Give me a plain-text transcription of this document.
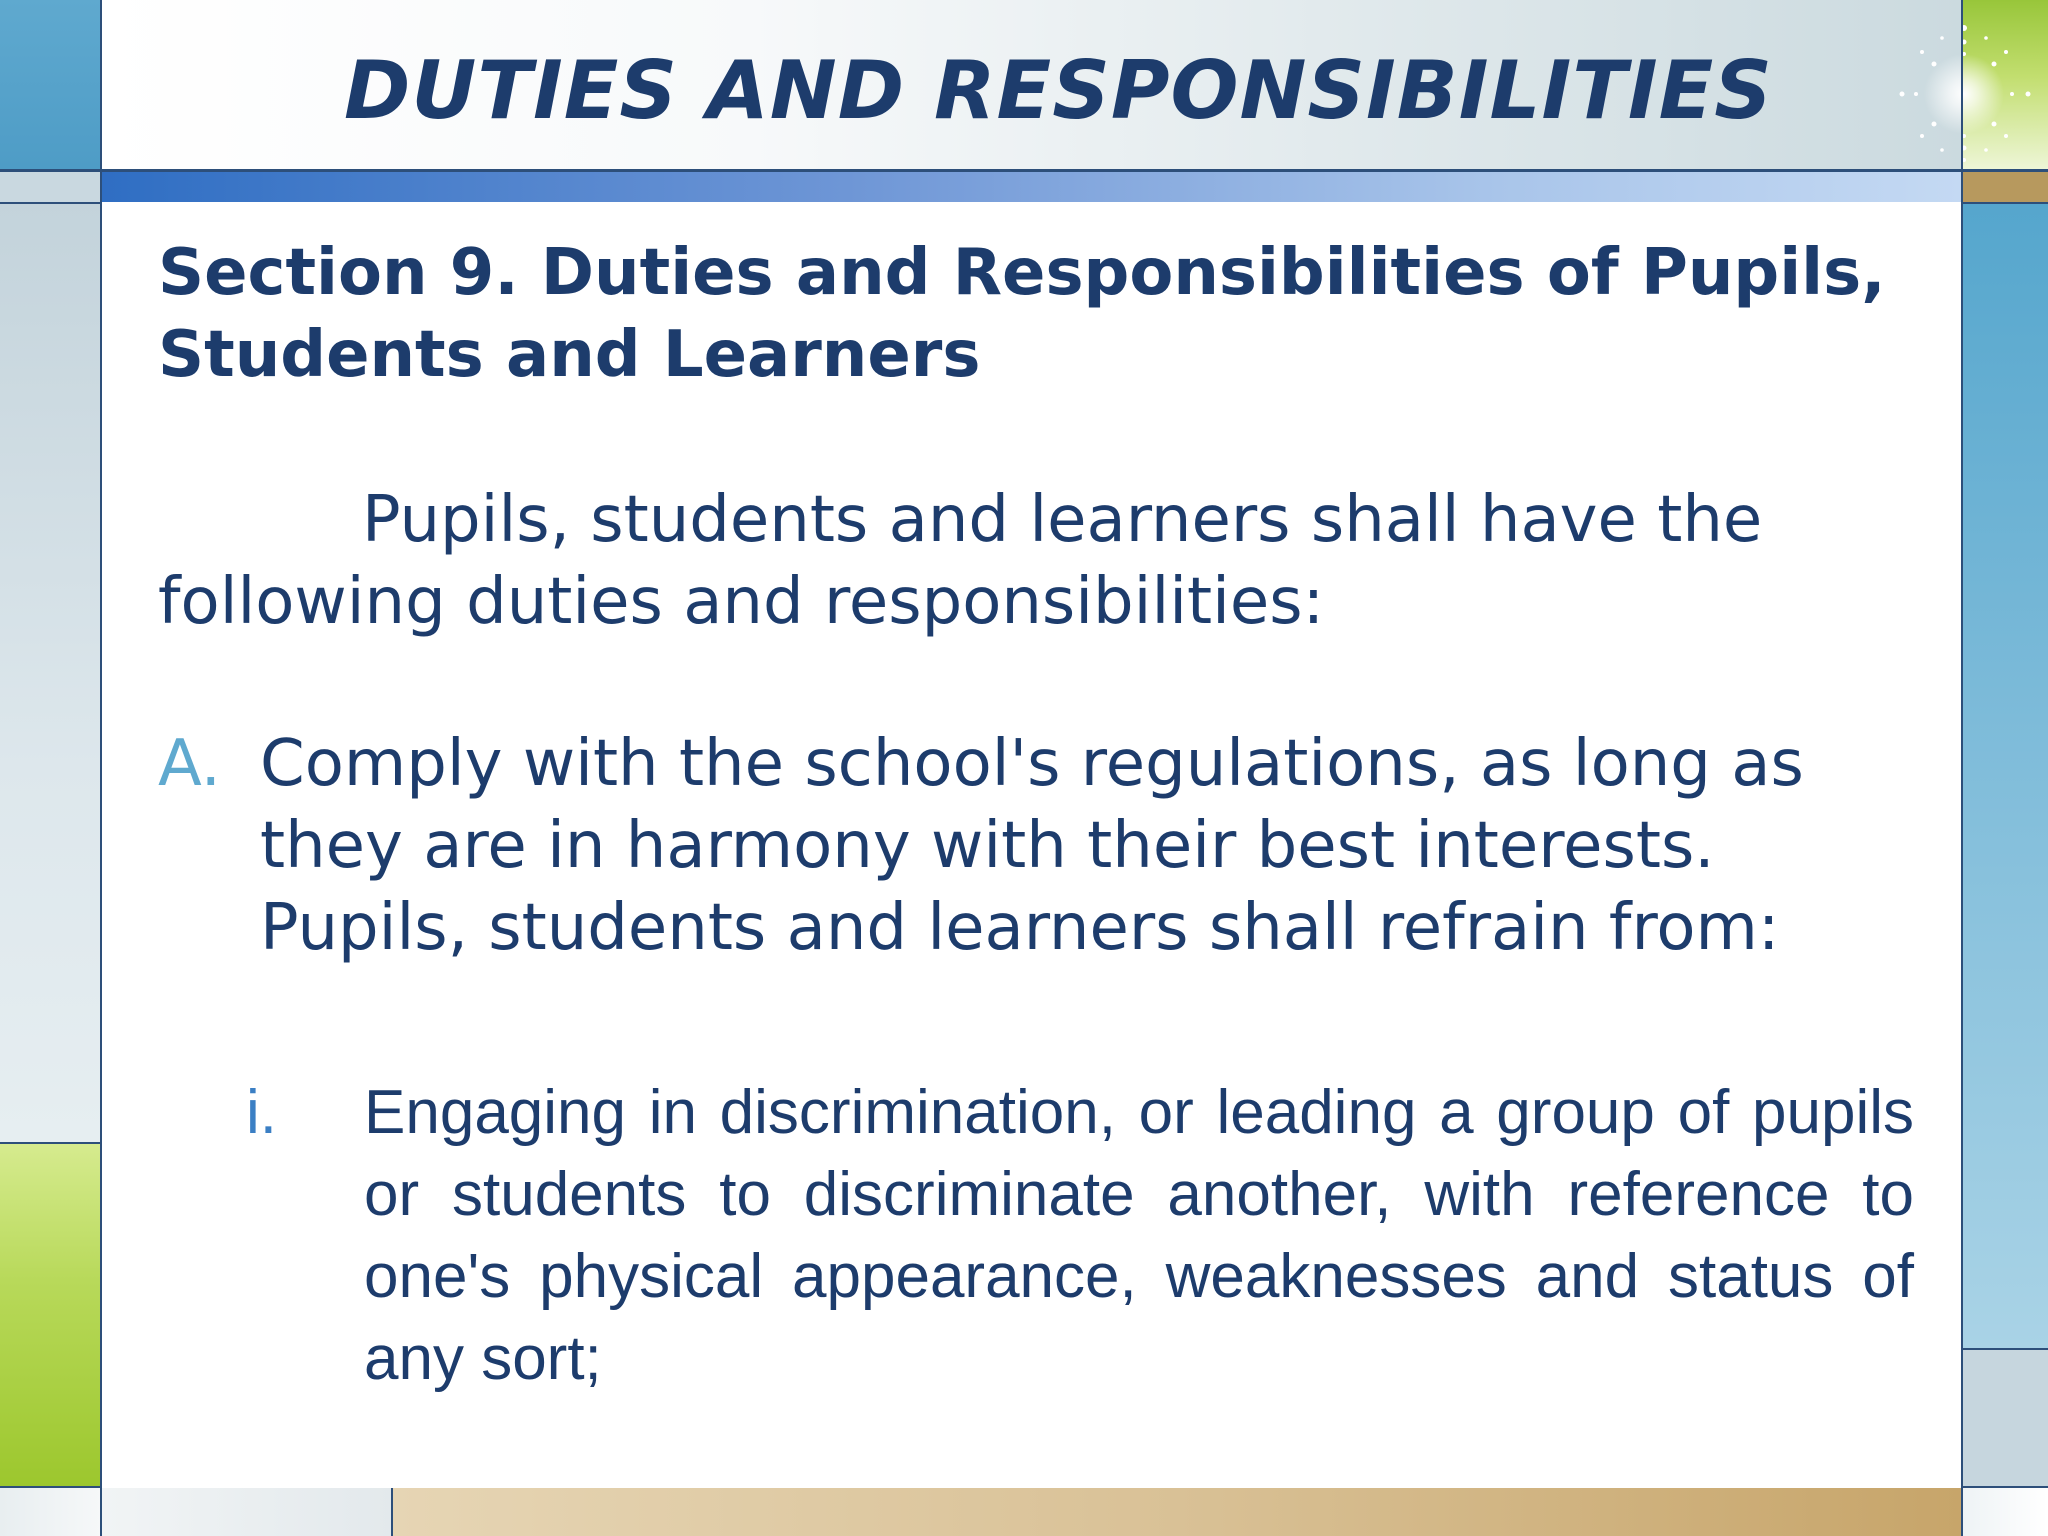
DUTIES AND RESPONSIBILITIES
Section 9. Duties and Responsibilities of Pupils, Students and Learners

Pupils, students and learners shall have the following duties and responsibilities:

A. Comply with the school's regulations, as long as they are in harmony with their best interests. Pupils, students and learners shall refrain from:

i. Engaging in discrimination, or leading a group of pupils or students to discriminate another, with reference to one's physical appearance, weaknesses and status of any sort;
